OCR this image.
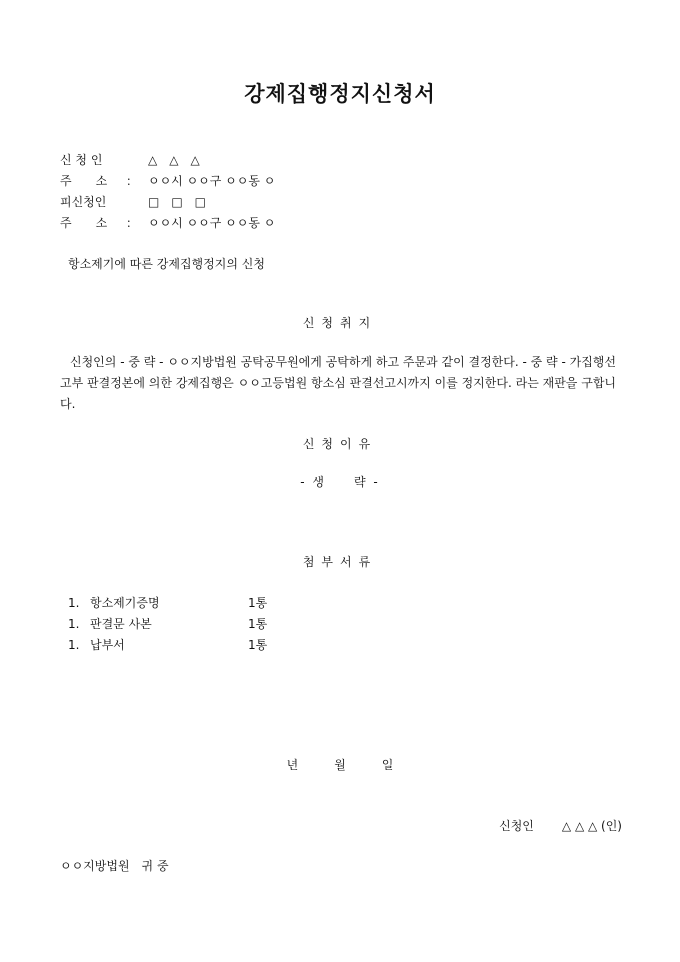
강제집행정지신청서
신 청 인	△　△　△
주　　소 ： ㅇㅇ시 ㅇㅇ구 ㅇㅇ동 ㅇ
피신청인	□　□　□
주　　소 ： ㅇㅇ시 ㅇㅇ구 ㅇㅇ동 ㅇ
항소제기에 따른 강제집행정지의 신청
신청취지
신청인의 - 중 략 - ㅇㅇ지방법원 공탁공무원에게 공탁하게 하고 주문과 같이 결정한다. - 중 략 - 가집행선고부 판결정본에 의한 강제집행은 ㅇㅇ고등법원 항소심 판결선고시까지 이를 정지한다. 라는 재판을 구합니다.
신청이유
- 생　　략 -
첨부서류
1. 항소제기증명	1통
1. 판결문 사본	1통
1. 납부서	1통
년　　　월　　　일
신청인 △ △ △ (인)
ㅇㅇ지방법원　귀 중
